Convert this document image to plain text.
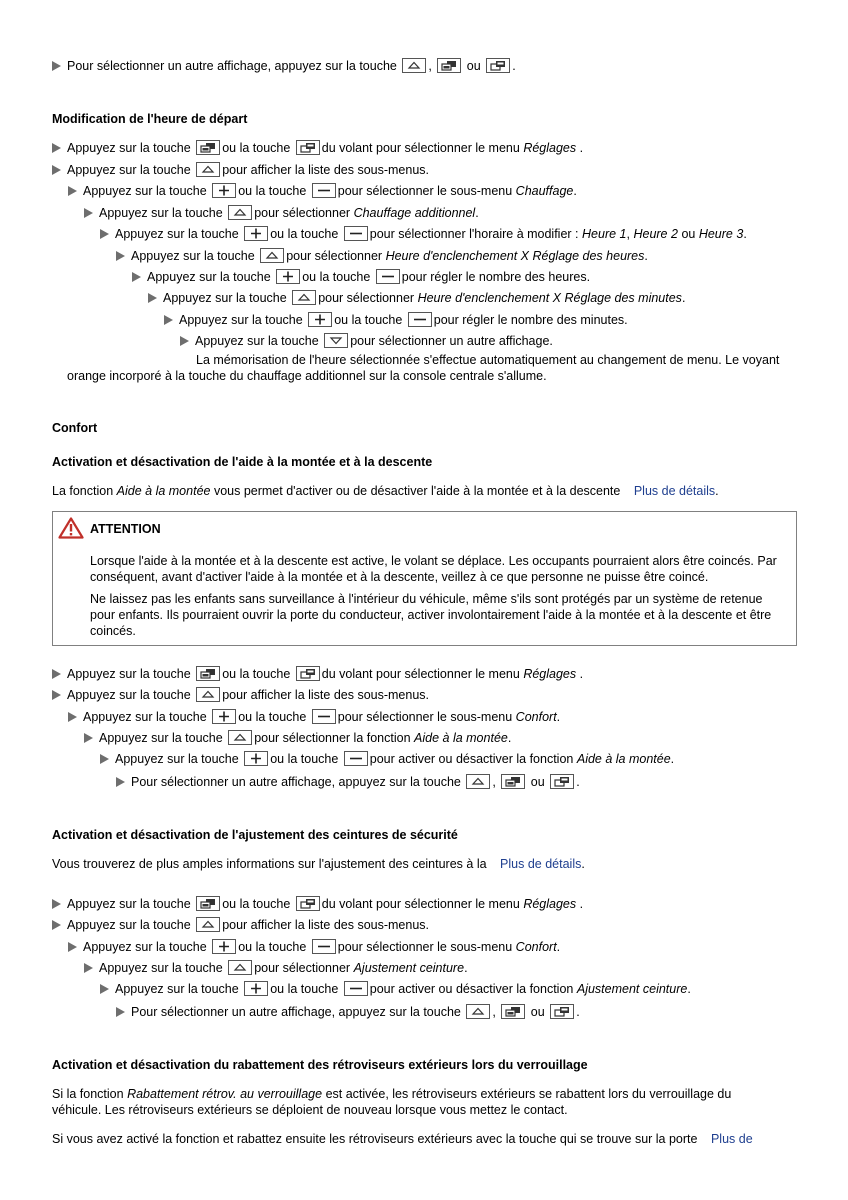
Pour sélectionner un autre affichage, appuyez sur la touche	,	ou	.
Modification de l'heure de départ
Appuyez sur la touche	ou la touche	du volant pour sélectionner le menu Réglages .
Appuyez sur la touche	pour afficher la liste des sous-menus.
Appuyez sur la touche	ou la touche	pour sélectionner le sous-menu Chauffage.
Appuyez sur la touche	pour sélectionner Chauffage additionnel.
Appuyez sur la touche	ou la touche	pour sélectionner l'horaire à modifier : Heure 1, Heure 2 ou Heure 3.
Appuyez sur la touche	pour sélectionner Heure d'enclenchement X Réglage des heures.
Appuyez sur la touche	ou la touche	pour régler le nombre des heures.
Appuyez sur la touche	pour sélectionner Heure d'enclenchement X Réglage des minutes.
Appuyez sur la touche	ou la touche	pour régler le nombre des minutes.
Appuyez sur la touche	pour sélectionner un autre affichage.
La mémorisation de l'heure sélectionnée s'effectue automatiquement au changement de menu. Le voyant
orange incorporé à la touche du chauffage additionnel sur la console centrale s'allume.
Confort
Activation et désactivation de l'aide à la montée et à la descente
La fonction Aide à la montée vous permet d'activer ou de désactiver l'aide à la montée et à la descente Plus de détails.
ATTENTION
Lorsque l'aide à la montée et à la descente est active, le volant se déplace. Les occupants pourraient alors être coincés. Par conséquent, avant d'activer l'aide à la montée et à la descente, veillez à ce que personne ne puisse être coincé.
Ne laissez pas les enfants sans surveillance à l'intérieur du véhicule, même s'ils sont protégés par un système de retenue pour enfants. Ils pourraient ouvrir la porte du conducteur, activer involontairement l'aide à la montée et à la descente et être coincés.
Appuyez sur la touche	ou la touche	du volant pour sélectionner le menu Réglages .
Appuyez sur la touche	pour afficher la liste des sous-menus.
Appuyez sur la touche	ou la touche	pour sélectionner le sous-menu Confort.
Appuyez sur la touche	pour sélectionner la fonction Aide à la montée.
Appuyez sur la touche	ou la touche	pour activer ou désactiver la fonction Aide à la montée.
Pour sélectionner un autre affichage, appuyez sur la touche	,	ou	.
Activation et désactivation de l'ajustement des ceintures de sécurité
Vous trouverez de plus amples informations sur l'ajustement des ceintures à la Plus de détails.
Appuyez sur la touche	ou la touche	du volant pour sélectionner le menu Réglages .
Appuyez sur la touche	pour afficher la liste des sous-menus.
Appuyez sur la touche	ou la touche	pour sélectionner le sous-menu Confort.
Appuyez sur la touche	pour sélectionner Ajustement ceinture.
Appuyez sur la touche	ou la touche	pour activer ou désactiver la fonction Ajustement ceinture.
Pour sélectionner un autre affichage, appuyez sur la touche	,	ou	.
Activation et désactivation du rabattement des rétroviseurs extérieurs lors du verrouillage
Si la fonction Rabattement rétrov. au verrouillage est activée, les rétroviseurs extérieurs se rabattent lors du verrouillage du
véhicule. Les rétroviseurs extérieurs se déploient de nouveau lorsque vous mettez le contact.
Si vous avez activé la fonction et rabattez ensuite les rétroviseurs extérieurs avec la touche qui se trouve sur la porte Plus de
